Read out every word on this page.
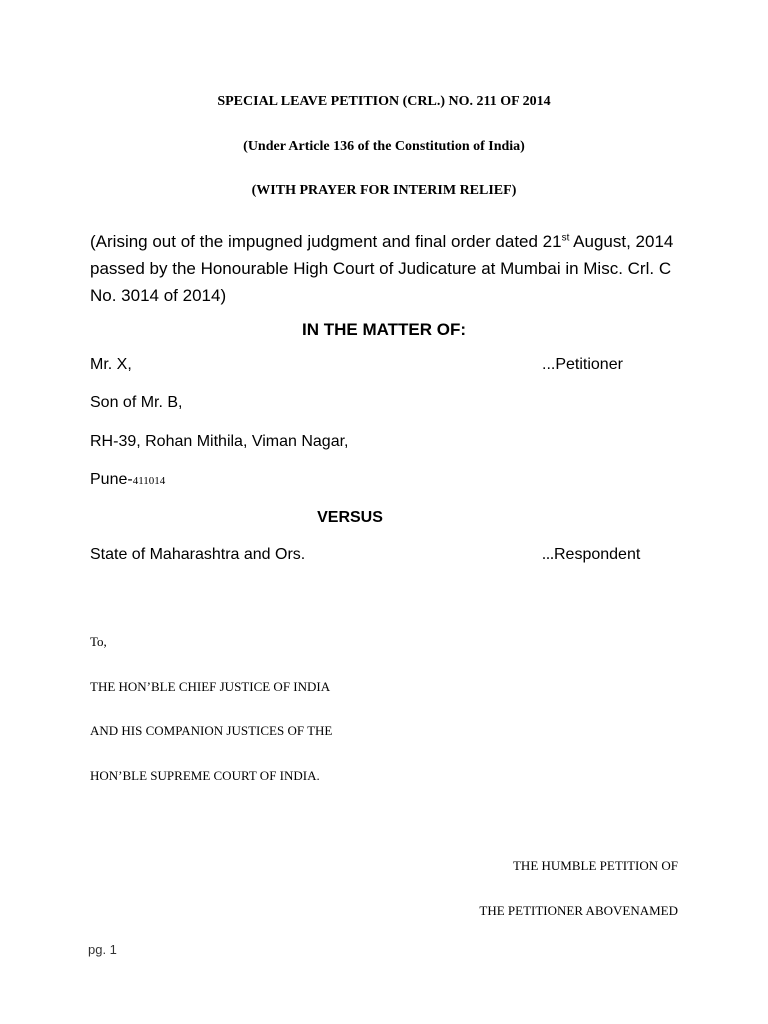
SPECIAL LEAVE PETITION (CRL.) NO. 211 OF 2014
(Under Article 136 of the Constitution of India)
(WITH PRAYER FOR INTERIM RELIEF)
(Arising out of the impugned judgment and final order dated 21st August, 2014 passed by the Honourable High Court of Judicature at Mumbai in Misc. Crl. C No. 3014 of 2014)
IN THE MATTER OF:
Mr. X,	...Petitioner
Son of Mr. B,
RH-39, Rohan Mithila, Viman Nagar,
Pune-411014
VERSUS
State of Maharashtra and Ors.	...Respondent
To,
THE HON’BLE CHIEF JUSTICE OF INDIA
AND HIS COMPANION JUSTICES OF THE
HON’BLE SUPREME COURT OF INDIA.
THE HUMBLE PETITION OF
THE PETITIONER ABOVENAMED
pg. 1
